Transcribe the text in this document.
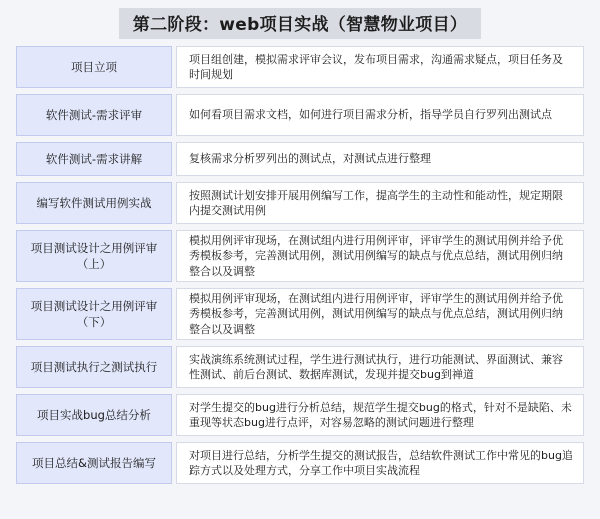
第二阶段：web项目实战（智慧物业项目）
项目立项
项目组创建，模拟需求评审会议，发布项目需求，沟通需求疑点，项目任务及时间规划
软件测试-需求评审	如何看项目需求文档，如何进行项目需求分析，指导学员自行罗列出测试点
软件测试-需求讲解	复核需求分析罗列出的测试点，对测试点进行整理
编写软件测试用例实战
按照测试计划安排开展用例编写工作，提高学生的主动性和能动性，规定期限内提交测试用例
项目测试设计之用例评审（上）
模拟用例评审现场，在测试组内进行用例评审，评审学生的测试用例并给予优秀模板参考，完善测试用例，测试用例编写的缺点与优点总结，测试用例归纳整合以及调整
项目测试设计之用例评审（下）
模拟用例评审现场，在测试组内进行用例评审，评审学生的测试用例并给予优秀模板参考，完善测试用例，测试用例编写的缺点与优点总结，测试用例归纳整合以及调整
项目测试执行之测试执行
实战演练系统测试过程，学生进行测试执行，进行功能测试、界面测试、兼容性测试、前后台测试、数据库测试，发现并提交bug到禅道
项目实战bug总结分析
对学生提交的bug进行分析总结，规范学生提交bug的格式，针对不是缺陷、未重现等状态bug进行点评，对容易忽略的测试问题进行整理
项目总结&测试报告编写
对项目进行总结，分析学生提交的测试报告，总结软件测试工作中常见的bug追踪方式以及处理方式，分享工作中项目实战流程
